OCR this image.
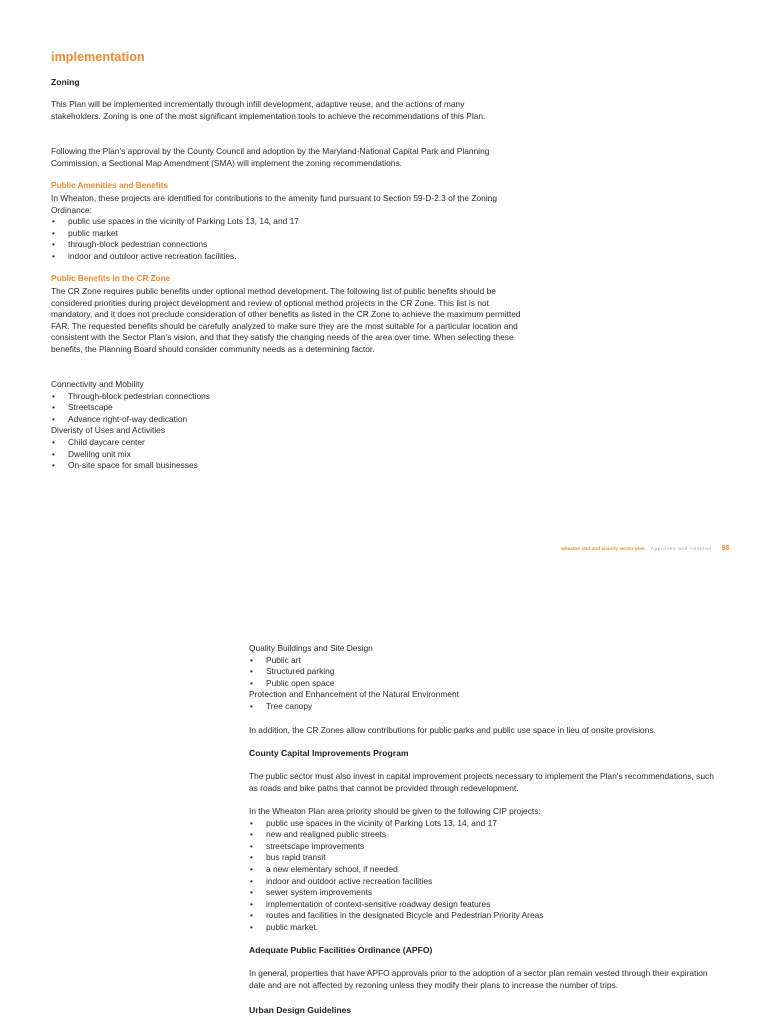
implementation
Zoning
This Plan will be implemented incrementally through infill development, adaptive reuse, and the actions of many stakeholders. Zoning is one of the most significant implementation tools to achieve the recommendations of this Plan.
Following the Plan’s approval by the County Council and adoption by the Maryland-National Capital Park and Planning Commission, a Sectional Map Amendment (SMA) will implement the zoning recommendations.
Public Amenities and Benefits
In Wheaton, these projects are identified for contributions to the amenity fund pursuant to Section 59-D-2.3 of the Zoning Ordinance:
• public use spaces in the vicinity of Parking Lots 13, 14, and 17
• public market
• through-block pedestrian connections
• indoor and outdoor active recreation facilities.
Public Benefits in the CR Zone
The CR Zone requires public benefits under optional method development. The following list of public benefits should be considered priorities during project development and review of optional method projects in the CR Zone. This list is not mandatory, and it does not preclude consideration of other benefits as listed in the CR Zone to achieve the maximum permitted FAR. The requested benefits should be carefully analyzed to make sure they are the most suitable for a particular location and consistent with the Sector Plan’s vision, and that they satisfy the changing needs of the area over time. When selecting these benefits, the Planning Board should consider community needs as a determining factor.
Connectivity and Mobility
• Through-block pedestrian connections
• Streetscape
• Advance right-of-way dedication
Diveristy of Uses and Activities
• Child daycare center
• Dwelilng unit mix
• On-site space for small businesses
wheaton cbd and vicinity sector plan Approved and Adopted 85
Quality Buildings and Site Design
• Public art
• Structured parking
• Public open space
Protection and Enhancement of the Natural Environment
• Tree canopy
In addition, the CR Zones allow contributions for public parks and public use space in lieu of onsite provisions.
County Capital Improvements Program
The public sector must also invest in capital improvement projects necessary to implement the Plan’s recommendations, such as roads and bike paths that cannot be provided through redevelopment.
In the Wheaton Plan area priority should be given to the following CIP projects:
• public use spaces in the vicinity of Parking Lots 13, 14, and 17
• new and realigned public streets
• streetscape improvements
• bus rapid transit
• a new elementary school, if needed
• indoor and outdoor active recreation facilities
• sewer system improvements
• implementation of context-sensitive roadway design features
• routes and facilities in the designated Bicycle and Pedestrian Priority Areas
• public market.
Adequate Public Facilities Ordinance (APFO)
In general, properties that have APFO approvals prior to the adoption of a sector plan remain vested through their expiration date and are not affected by rezoning unless they modify their plans to increase the number of trips.
Urban Design Guidelines
